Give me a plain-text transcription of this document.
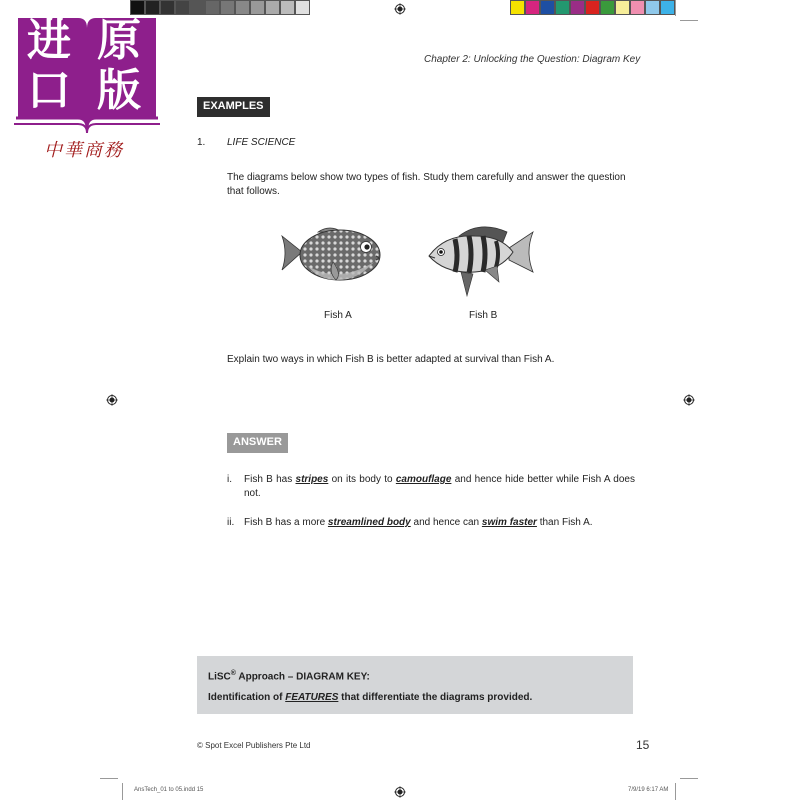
进 原
口 版
中華商務
Chapter 2: Unlocking the Question: Diagram Key
EXAMPLES
1. LIFE SCIENCE
The diagrams below show two types of fish. Study them carefully and answer the question that follows.
Fish A	Fish B
Explain two ways in which Fish B is better adapted at survival than Fish A.
ANSWER
i.	Fish B has stripes on its body to camouflage and hence hide better while Fish A does not.
ii. Fish B has a more streamlined body and hence can swim faster than Fish A.
LiSC® Approach – DIAGRAM KEY:
Identification of FEATURES that differentiate the diagrams provided.
© Spot Excel Publishers Pte Ltd	15
AnsTech_01 to 05.indd 15	7/9/19 6:17 AM
